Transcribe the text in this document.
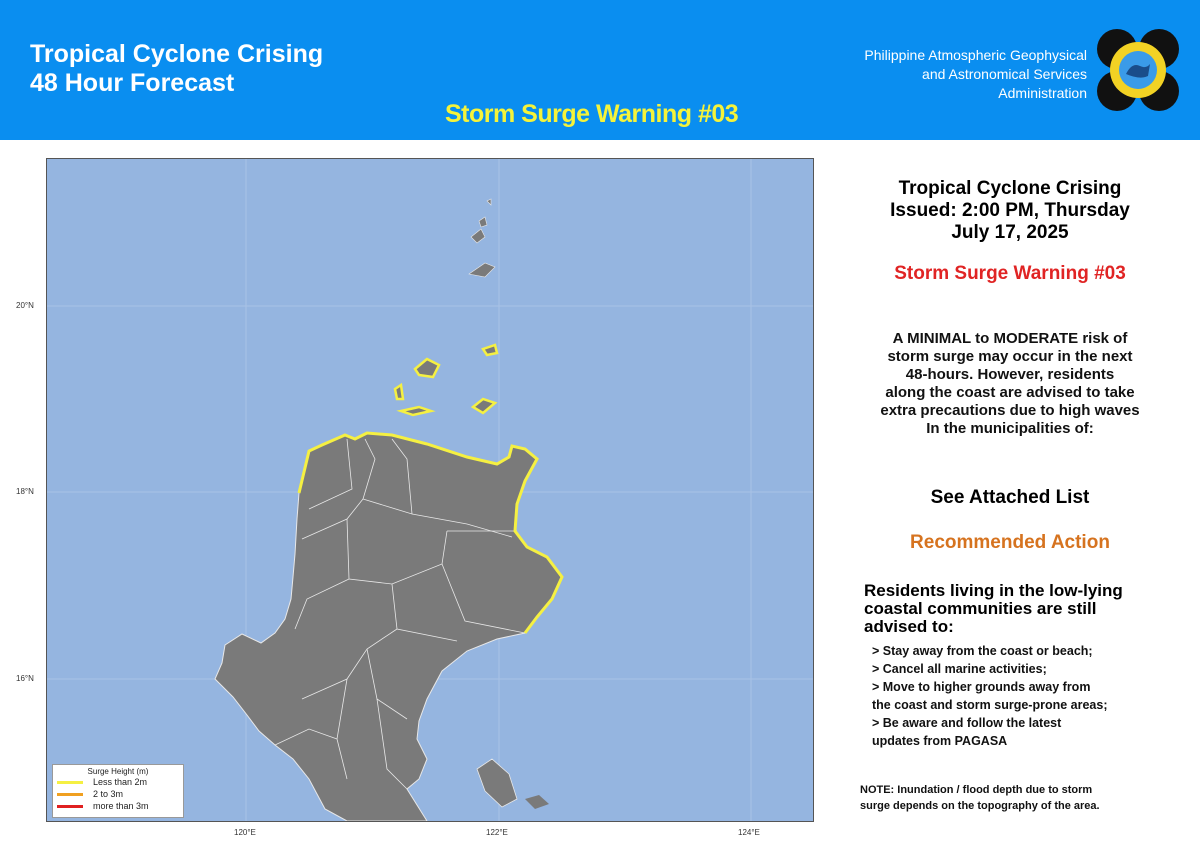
Tropical Cyclone Crising
48 Hour Forecast
Storm Surge Warning #03
Philippine Atmospheric Geophysical
and Astronomical Services
Administration
20°N
18°N
16°N
120°E	122°E	124°E
Surge Height (m)
Less than 2m
2 to 3m
more than 3m
Tropical Cyclone Crising
Issued: 2:00 PM, Thursday
July 17, 2025
Storm Surge Warning #03
A MINIMAL to MODERATE risk of
storm surge may occur in the next
48-hours. However, residents
along the coast are advised to take
extra precautions due to high waves
In the municipalities of:
See Attached List
Recommended Action
Residents living in the low-lying
coastal communities are still
advised to:
> Stay away from the coast or beach;
> Cancel all marine activities;
> Move to higher grounds away from
the coast and storm surge-prone areas;
> Be aware and follow the latest
updates from PAGASA
NOTE: Inundation / flood depth due to storm
surge depends on the topography of the area.
